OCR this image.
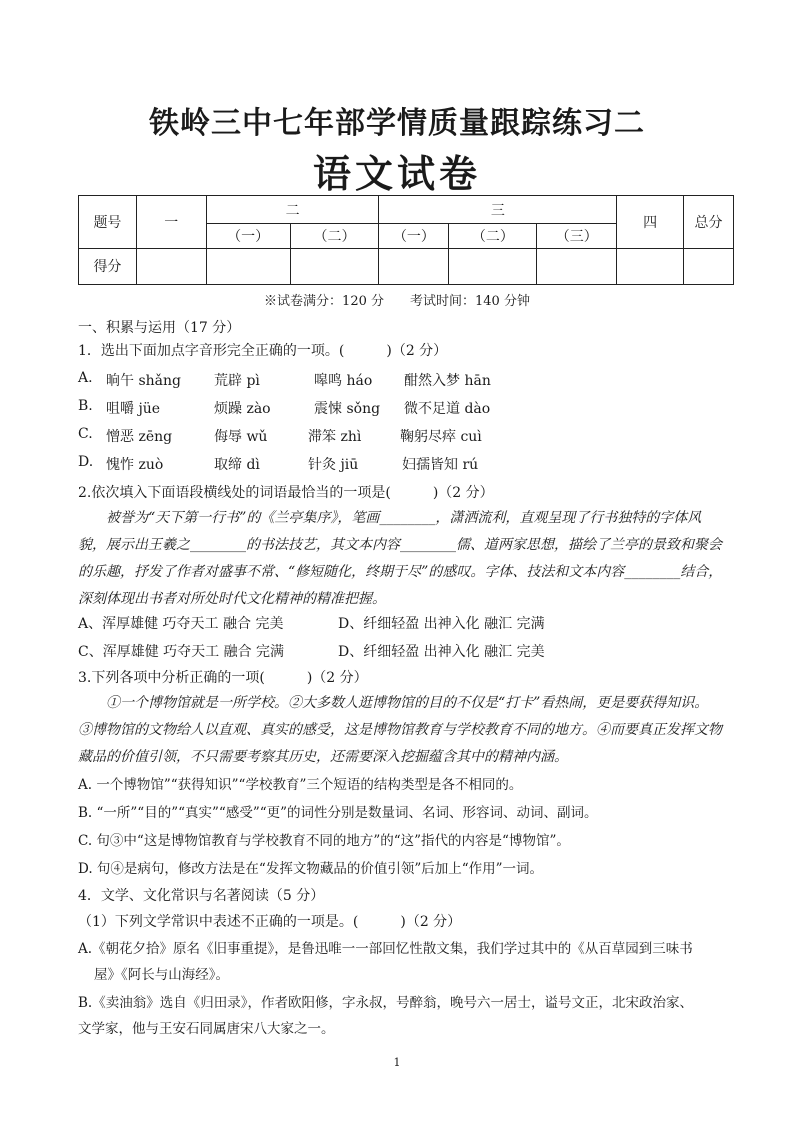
铁岭三中七年部学情质量跟踪练习二
语文试卷
题号	一	二		三			四	总分
		（一）	（二）	（一）	（二）	（三）		
得分								
※试卷满分：120 分　　考试时间：140 分钟
一、积累与运用（17 分）
1．选出下面加点字音形完全正确的一项。(　　　)（2 分）
A. 晌午 shǎng 荒辟 pì	嗥鸣 háo 酣然入梦 hān
B. 咀嚼 jüe	烦躁 zào	震悚 sǒng 微不足道 dào
C. 憎恶 zēng	侮辱 wǔ	滞笨 zhì	鞠躬尽瘁 cuì
D. 愧怍 zuò	取缔 dì	针灸 jiū	妇孺皆知 rú
2.依次填入下面语段横线处的词语最恰当的一项是(　　　)（2 分）

　　被誉为“天下第一行书”的《兰亭集序》，笔画________，潇洒流利，直观呈现了行书独特的字体风

貌，展示出王羲之________的书法技艺，其文本内容________儒、道两家思想，描绘了兰亭的景致和聚会

的乐趣，抒发了作者对盛事不常、“修短随化，终期于尽”的感叹。字体、技法和文本内容________结合，

深刻体现出书者对所处时代文化精神的精准把握。

A、浑厚雄健 巧夺天工 融合 完美	D、纤细轻盈 出神入化 融汇 完满
C、浑厚雄健 巧夺天工 融合 完满	D、纤细轻盈 出神入化 融汇 完美
3.下列各项中分析正确的一项(　　　)（2 分）

　　①一个博物馆就是一所学校。②大多数人逛博物馆的目的不仅是“打卡”看热闹，更是要获得知识。

③博物馆的文物给人以直观、真实的感受，这是博物馆教育与学校教育不同的地方。④而要真正发挥文物

藏品的价值引领，不只需要考察其历史，还需要深入挖掘蕴含其中的精神内涵。

A. 一个博物馆”“获得知识”“学校教育”三个短语的结构类型是各不相同的。
B. “一所”“目的”“真实”“感受”“更”的词性分别是数量词、名词、形容词、动词、副词。
C. 句③中“这是博物馆教育与学校教育不同的地方”的“这”指代的内容是“博物馆”。
D. 句④是病句，修改方法是在“发挥文物藏品的价值引领”后加上“作用”一词。
4．文学、文化常识与名著阅读（5 分）
（1）下列文学常识中表述不正确的一项是。(　　　)（2 分）
A.《朝花夕拾》原名《旧事重提》，是鲁迅唯一一部回忆性散文集，我们学过其中的《从百草园到三味书
屋》《阿长与山海经》。
B.《卖油翁》选自《归田录》，作者欧阳修，字永叔，号醉翁，晚号六一居士，谥号文正，北宋政治家、
文学家，他与王安石同属唐宋八大家之一。
1
